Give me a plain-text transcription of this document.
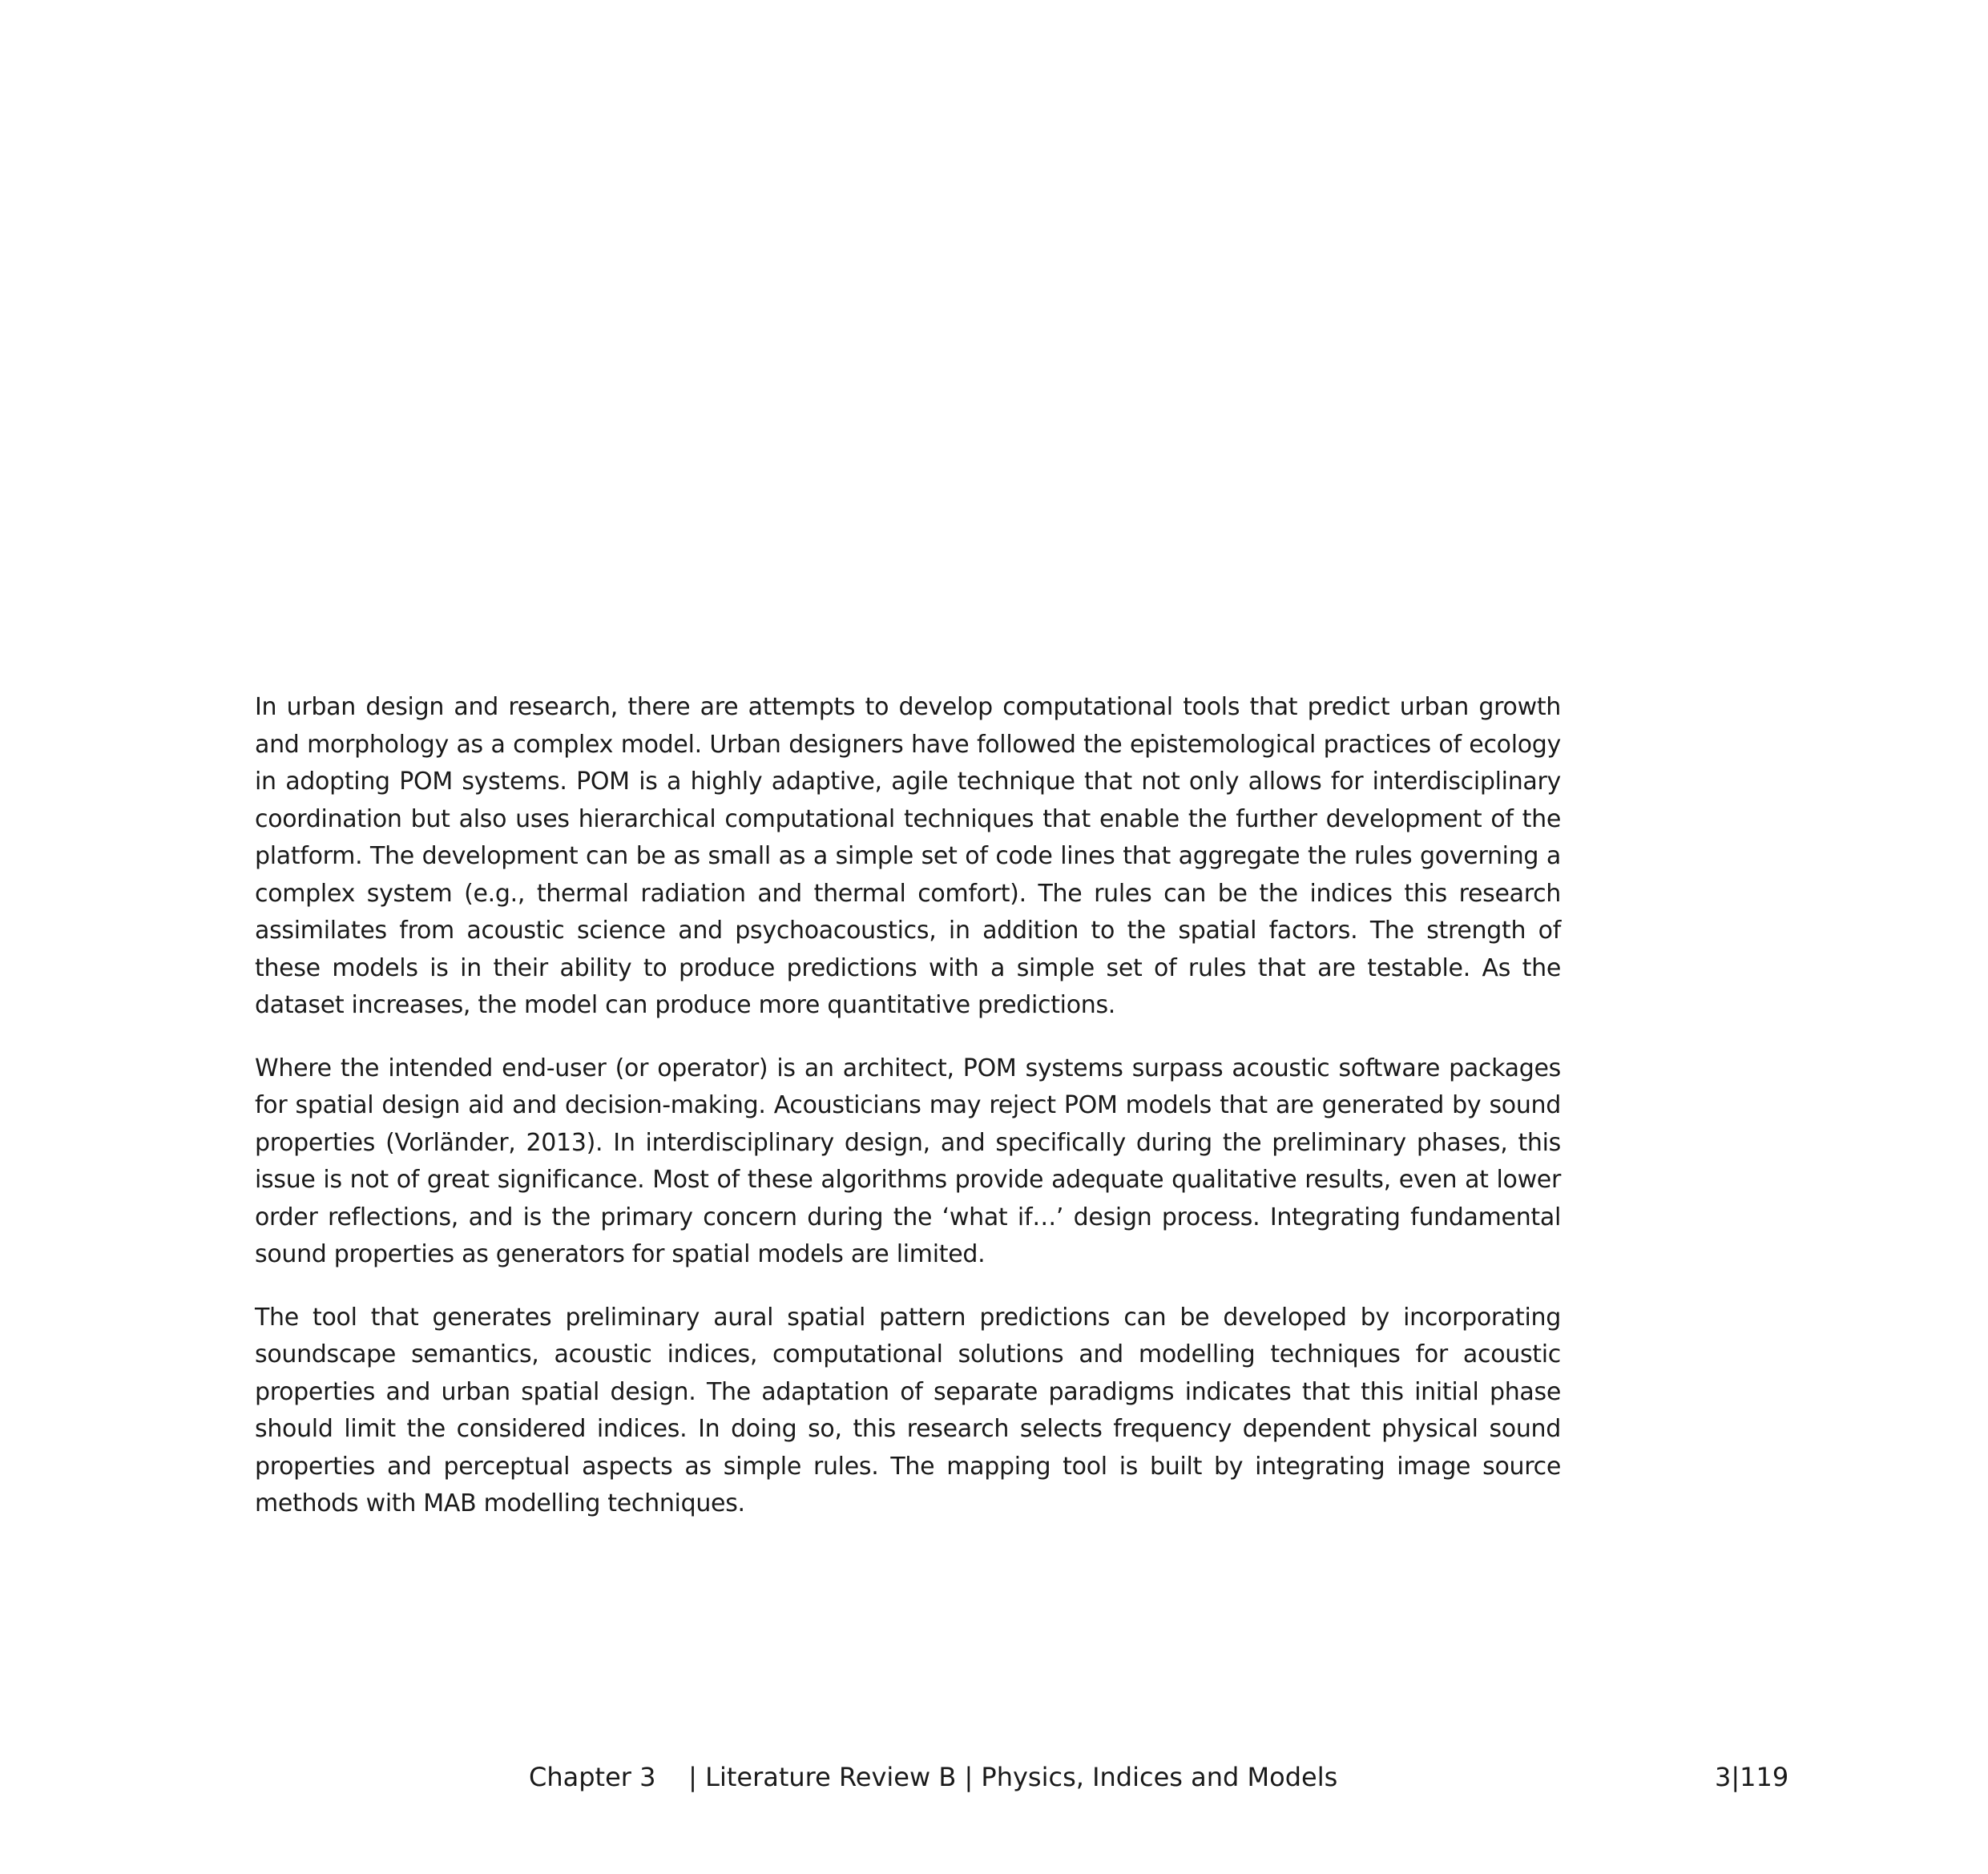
In urban design and research, there are attempts to develop computational tools that predict urban growth and morphology as a complex model. Urban designers have followed the epistemological practices of ecology in adopting POM systems. POM is a highly adaptive, agile technique that not only allows for interdisciplinary coordination but also uses hierarchical computational techniques that enable the further development of the platform. The development can be as small as a simple set of code lines that aggregate the rules governing a complex system (e.g., thermal radiation and thermal comfort). The rules can be the indices this research assimilates from acoustic science and psychoacoustics, in addition to the spatial factors. The strength of these models is in their ability to produce predictions with a simple set of rules that are testable. As the dataset increases, the model can produce more quantitative predictions.

Where the intended end-user (or operator) is an architect, POM systems surpass acoustic software packages for spatial design aid and decision-making. Acousticians may reject POM models that are generated by sound properties (Vorländer, 2013). In interdisciplinary design, and specifically during the preliminary phases, this issue is not of great significance. Most of these algorithms provide adequate qualitative results, even at lower order reflections, and is the primary concern during the ‘what if…’ design process. Integrating fundamental sound properties as generators for spatial models are limited.

The tool that generates preliminary aural spatial pattern predictions can be developed by incorporating soundscape semantics, acoustic indices, computational solutions and modelling techniques for acoustic properties and urban spatial design. The adaptation of separate paradigms indicates that this initial phase should limit the considered indices. In doing so, this research selects frequency dependent physical sound properties and perceptual aspects as simple rules. The mapping tool is built by integrating image source methods with MAB modelling techniques.

Chapter 3    | Literature Review B | Physics, Indices and Models	3|119
